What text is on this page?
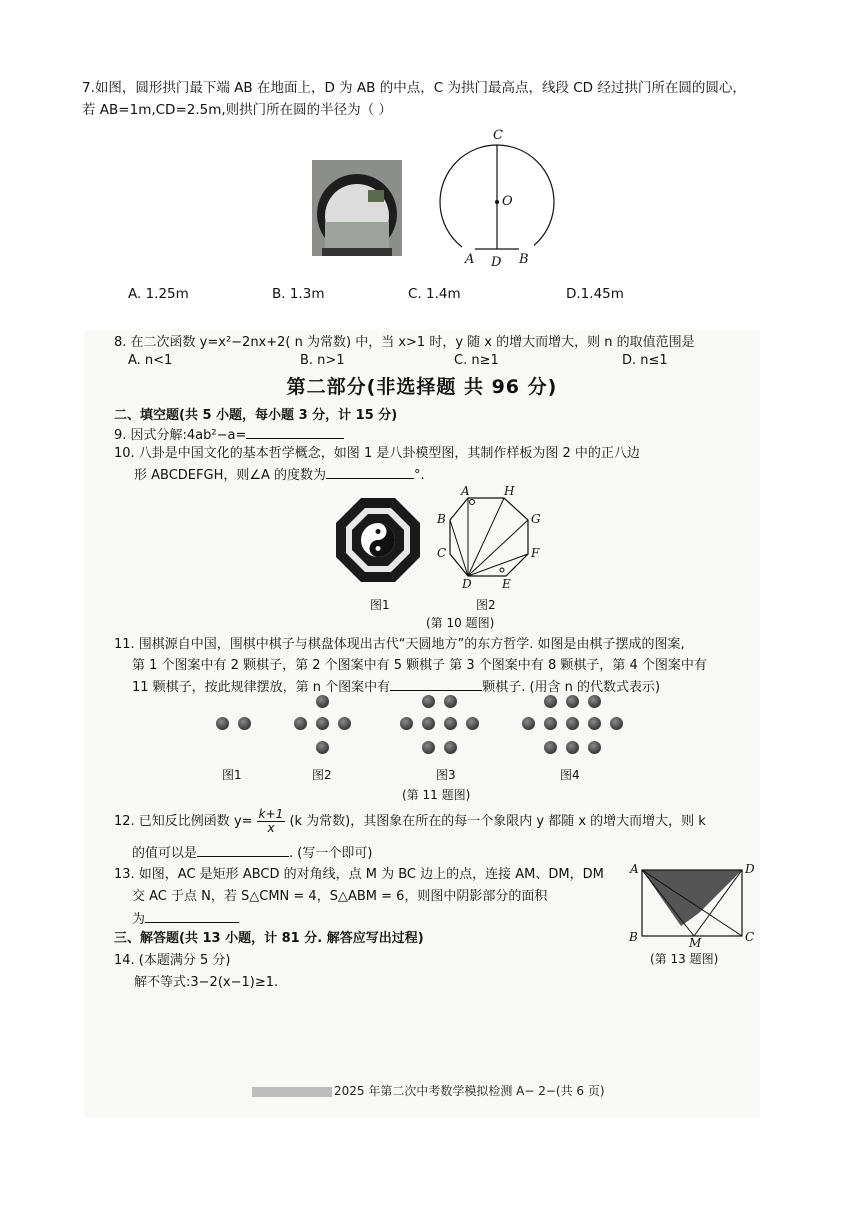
7.如图，圆形拱门最下端 AB 在地面上，D 为 AB 的中点，C 为拱门最高点，线段 CD 经过拱门所在圆的圆心，
若 AB=1m,CD=2.5m,则拱门所在圆的半径为（ ）
C
O
A D B
A. 1.25m	B. 1.3m	C. 1.4m	D.1.45m
8. 在二次函数 y=x²−2nx+2( n 为常数) 中，当 x>1 时，y 随 x 的增大而增大，则 n 的取值范围是
A. n<1	B. n>1	C. n≥1	D. n≤1
第二部分(非选择题 共 96 分)
二、填空题(共 5 小题，每小题 3 分，计 15 分)
9. 因式分解:4ab²−a=
10. 八卦是中国文化的基本哲学概念，如图 1 是八卦模型图，其制作样板为图 2 中的正八边
形 ABCDEFGH，则∠A 的度数为	°.
A	H
B	G
C	F
D	E
图1	图2
(第 10 题图)
11. 围棋源自中国，围棋中棋子与棋盘体现出古代“天圆地方”的东方哲学. 如图是由棋子摆成的图案,
第 1 个图案中有 2 颗棋子，第 2 个图案中有 5 颗棋子 第 3 个图案中有 8 颗棋子，第 4 个图案中有
11 颗棋子，按此规律摆放，第 n 个图案中有	颗棋子. (用含 n 的代数式表示)
图1	图2	图3	图4
(第 11 题图)
12. 已知反比例函数 $y= \frac{k+1}{x} (k$ 为常数)，其图象在所在的每一个象限内 y 都随 x 的增大而增大，则 k
的值可以是	. (写一个即可)
13. 如图，AC 是矩形 ABCD 的对角线，点 M 为 BC 边上的点，连接 AM、DM，DM
交 AC 于点 N，若 S△CMN = 4，S△ABM = 6，则图中阴影部分的面积
为
A	D
B	M	C
(第 13 题图)
三、解答题(共 13 小题，计 81 分. 解答应写出过程)
14. (本题满分 5 分)
解不等式:3−2(x−1)≥1.
2025 年第二次中考数学模拟检测 A− 2−(共 6 页)
